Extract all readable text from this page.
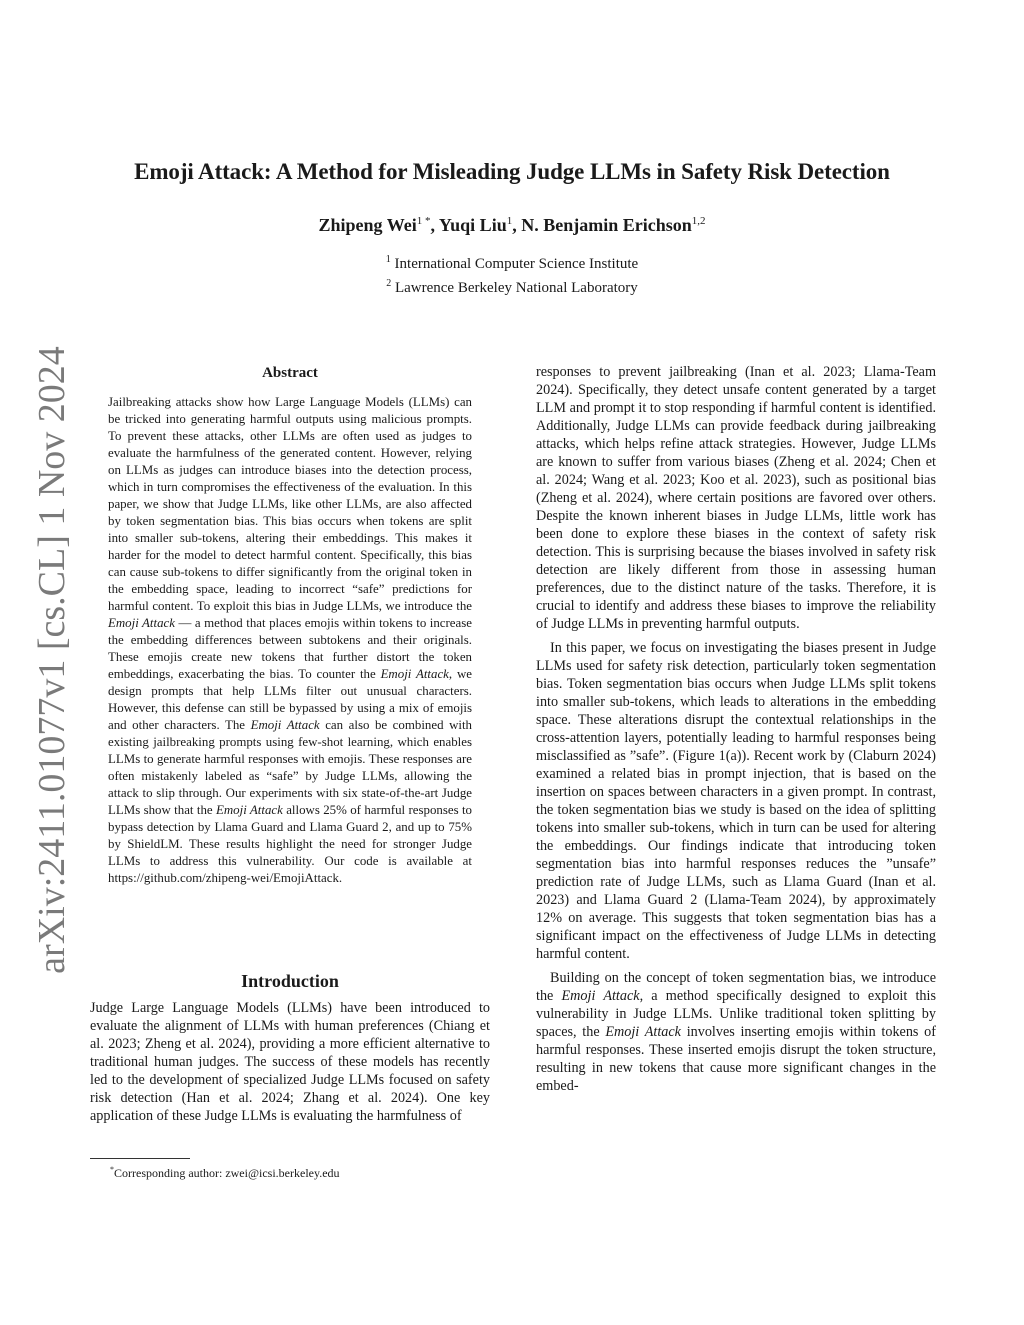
Emoji Attack: A Method for Misleading Judge LLMs in Safety Risk Detection
Zhipeng Wei$^{1 *}$, Yuqi Liu$^1$, N. Benjamin Erichson$^{1,2}$
$^1$ International Computer Science Institute
$^2$ Lawrence Berkeley National Laboratory
arXiv:2411.01077v1 [cs.CL] 1 Nov 2024	Abstract

Jailbreaking attacks show how Large Language Models (LLMs) can be tricked into generating harmful outputs using malicious prompts. To prevent these attacks, other LLMs are often used as judges to evaluate the harmfulness of the generated content. However, relying on LLMs as judges can introduce biases into the detection process, which in turn compromises the effectiveness of the evaluation. In this paper, we show that Judge LLMs, like other LLMs, are also affected by token segmentation bias. This bias occurs when tokens are split into smaller sub-tokens, altering their embeddings. This makes it harder for the model to detect harmful content. Specifically, this bias can cause sub-tokens to differ significantly from the original token in the embedding space, leading to incorrect “safe” predictions for harmful content. To exploit this bias in Judge LLMs, we introduce the Emoji Attack — a method that places emojis within tokens to increase the embedding differences between subtokens and their originals. These emojis create new tokens that further distort the token embeddings, exacerbating the bias. To counter the Emoji Attack, we design prompts that help LLMs filter out unusual characters. However, this defense can still be bypassed by using a mix of emojis and other characters. The Emoji Attack can also be combined with existing jailbreaking prompts using few-shot learning, which enables LLMs to generate harmful responses with emojis. These responses are often mistakenly labeled as “safe” by Judge LLMs, allowing the attack to slip through. Our experiments with six state-of-the-art Judge LLMs show that the Emoji Attack allows 25% of harmful responses to bypass detection by Llama Guard and Llama Guard 2, and up to 75% by ShieldLM. These results highlight the need for stronger Judge LLMs to address this vulnerability. Our code is available at https://github.com/zhipeng-wei/EmojiAttack.

Introduction

Judge Large Language Models (LLMs) have been introduced to evaluate the alignment of LLMs with human preferences (Chiang et al. 2023; Zheng et al. 2024), providing a more efficient alternative to traditional human judges. The success of these models has recently led to the development of specialized Judge LLMs focused on safety risk detection (Han et al. 2024; Zhang et al. 2024). One key application of these Judge LLMs is evaluating the harmfulness of

*Corresponding author: zwei@icsi.berkeley.edu

responses to prevent jailbreaking (Inan et al. 2023; Llama-Team 2024). Specifically, they detect unsafe content generated by a target LLM and prompt it to stop responding if harmful content is identified. Additionally, Judge LLMs can provide feedback during jailbreaking attacks, which helps refine attack strategies. However, Judge LLMs are known to suffer from various biases (Zheng et al. 2024; Chen et al. 2024; Wang et al. 2023; Koo et al. 2023), such as positional bias (Zheng et al. 2024), where certain positions are favored over others. Despite the known inherent biases in Judge LLMs, little work has been done to explore these biases in the context of safety risk detection. This is surprising because the biases involved in safety risk detection are likely different from those in assessing human preferences, due to the distinct nature of the tasks. Therefore, it is crucial to identify and address these biases to improve the reliability of Judge LLMs in preventing harmful outputs.

In this paper, we focus on investigating the biases present in Judge LLMs used for safety risk detection, particularly token segmentation bias. Token segmentation bias occurs when Judge LLMs split tokens into smaller sub-tokens, which leads to alterations in the embedding space. These alterations disrupt the contextual relationships in the cross-attention layers, potentially leading to harmful responses being misclassified as ”safe”. (Figure 1(a)). Recent work by (Claburn 2024) examined a related bias in prompt injection, that is based on the insertion on spaces between characters in a given prompt. In contrast, the token segmentation bias we study is based on the idea of splitting tokens into smaller sub-tokens, which in turn can be used for altering the embeddings. Our findings indicate that introducing token segmentation bias into harmful responses reduces the ”unsafe” prediction rate of Judge LLMs, such as Llama Guard (Inan et al. 2023) and Llama Guard 2 (Llama-Team 2024), by approximately 12% on average. This suggests that token segmentation bias has a significant impact on the effectiveness of Judge LLMs in detecting harmful content.

Building on the concept of token segmentation bias, we introduce the Emoji Attack, a method specifically designed to exploit this vulnerability in Judge LLMs. Unlike traditional token splitting by spaces, the Emoji Attack involves inserting emojis within tokens of harmful responses. These inserted emojis disrupt the token structure, resulting in new tokens that cause more significant changes in the embed-
